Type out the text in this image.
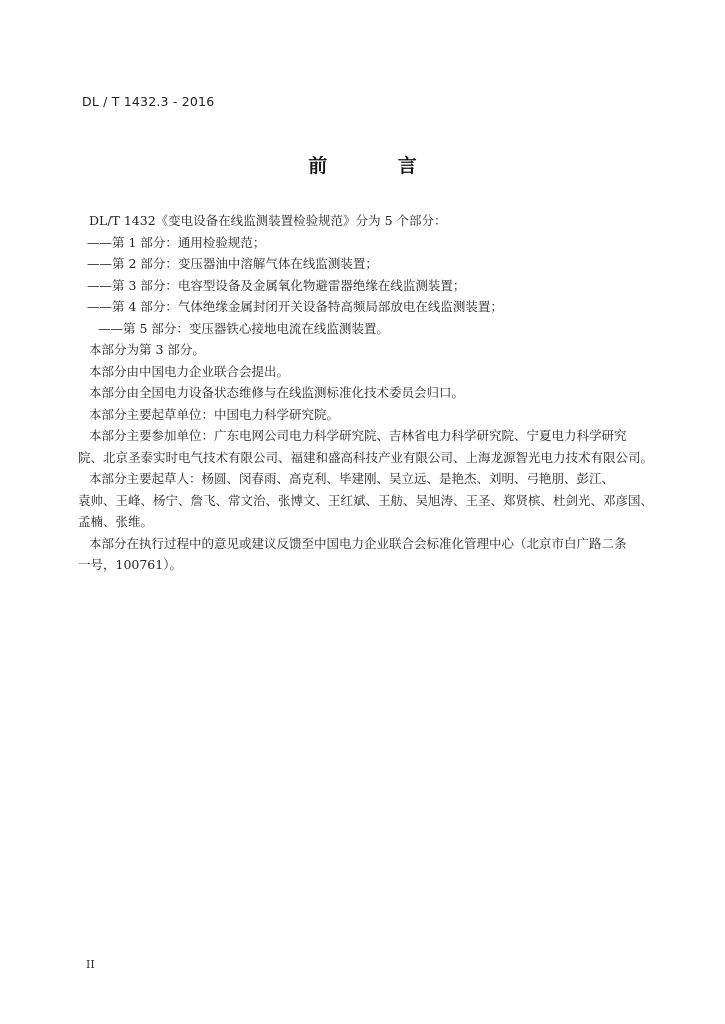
DL / T 1432.3 - 2016
前 言
DL/T 1432《变电设备在线监测装置检验规范》分为 5 个部分：
——第 1 部分：通用检验规范；
——第 2 部分：变压器油中溶解气体在线监测装置；
——第 3 部分：电容型设备及金属氧化物避雷器绝缘在线监测装置；
——第 4 部分：气体绝缘金属封闭开关设备特高频局部放电在线监测装置；
——第 5 部分：变压器铁心接地电流在线监测装置。
本部分为第 3 部分。
本部分由中国电力企业联合会提出。
本部分由全国电力设备状态维修与在线监测标准化技术委员会归口。
本部分主要起草单位：中国电力科学研究院。
本部分主要参加单位：广东电网公司电力科学研究院、吉林省电力科学研究院、宁夏电力科学研究
院、北京圣泰实时电气技术有限公司、福建和盛高科技产业有限公司、上海龙源智光电力技术有限公司。
本部分主要起草人：杨圆、闵春雨、高克利、毕建刚、吴立远、是艳杰、刘明、弓艳朋、彭江、
袁帅、王峰、杨宁、詹飞、常文治、张博文、王红斌、王舫、吴旭涛、王圣、郑贤槟、杜剑光、邓彦国、
孟楠、张维。
本部分在执行过程中的意见或建议反馈至中国电力企业联合会标准化管理中心（北京市白广路二条
一号，100761）。
II
